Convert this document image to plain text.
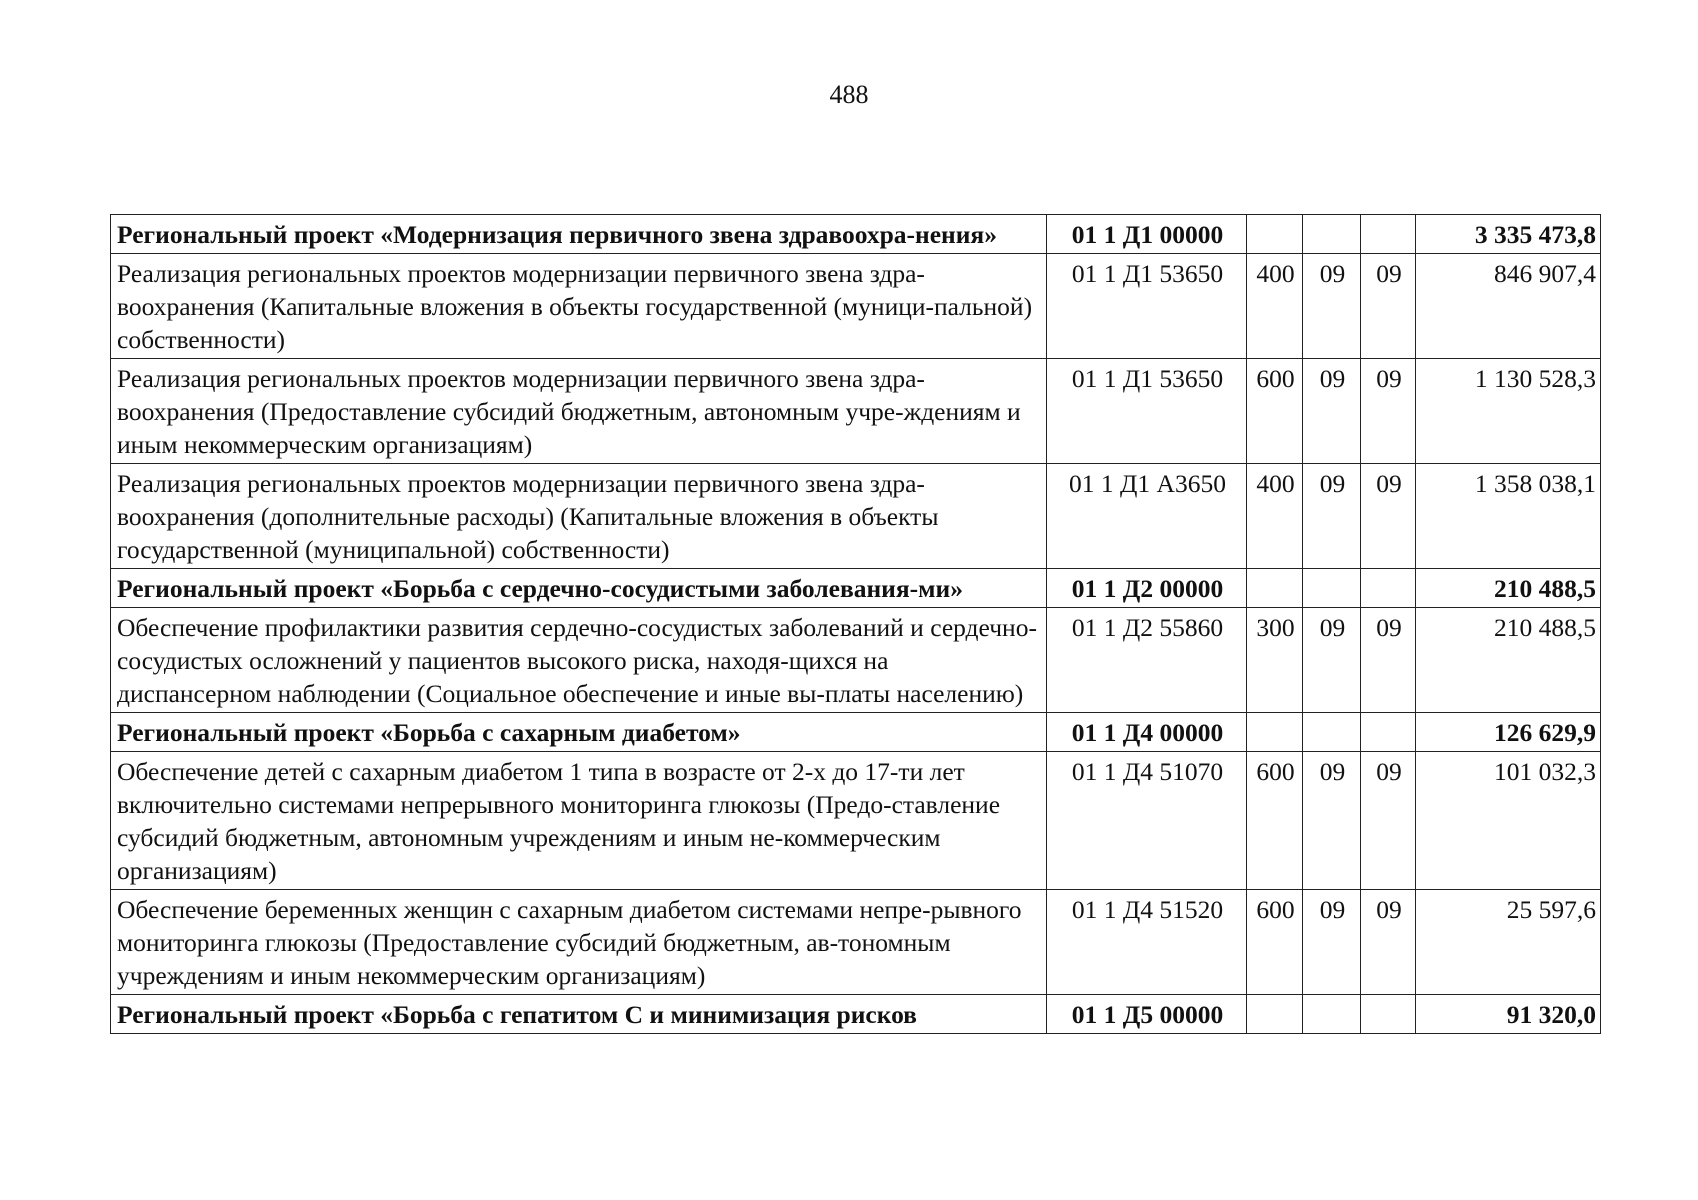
488
Региональный проект «Модернизация первичного звена здравоохра-нения»	01 1 Д1 00000				3 335 473,8
Реализация региональных проектов модернизации первичного звена здра-воохранения (Капитальные вложения в объекты государственной (муници-пальной) собственности)	01 1 Д1 53650	400	09	09	846 907,4
Реализация региональных проектов модернизации первичного звена здра-воохранения (Предоставление субсидий бюджетным, автономным учре-ждениям и иным некоммерческим организациям)	01 1 Д1 53650	600	09	09	1 130 528,3
Реализация региональных проектов модернизации первичного звена здра-воохранения (дополнительные расходы) (Капитальные вложения в объекты государственной (муниципальной) собственности)	01 1 Д1 А3650	400	09	09	1 358 038,1
Региональный проект «Борьба с сердечно-сосудистыми заболевания-ми»	01 1 Д2 00000				210 488,5
Обеспечение профилактики развития сердечно-сосудистых заболеваний и сердечно-сосудистых осложнений у пациентов высокого риска, находя-щихся на диспансерном наблюдении (Социальное обеспечение и иные вы-платы населению)	01 1 Д2 55860	300	09	09	210 488,5
Региональный проект «Борьба с сахарным диабетом»	01 1 Д4 00000				126 629,9
Обеспечение детей с сахарным диабетом 1 типа в возрасте от 2-х до 17-ти лет включительно системами непрерывного мониторинга глюкозы (Предо-ставление субсидий бюджетным, автономным учреждениям и иным не-коммерческим организациям)	01 1 Д4 51070	600	09	09	101 032,3
Обеспечение беременных женщин с сахарным диабетом системами непре-рывного мониторинга глюкозы (Предоставление субсидий бюджетным, ав-тономным учреждениям и иным некоммерческим организациям)	01 1 Д4 51520	600	09	09	25 597,6
Региональный проект «Борьба с гепатитом С и минимизация рисков	01 1 Д5 00000				91 320,0
